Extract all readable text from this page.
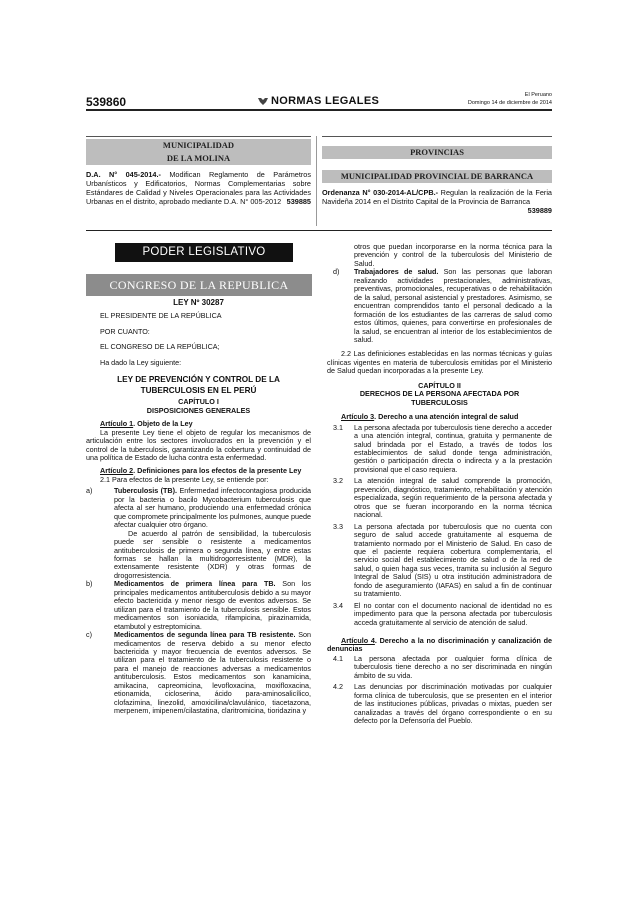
539860	NORMAS LEGALES	El Peruano
Domingo 14 de diciembre de 2014
MUNICIPALIDAD
DE LA MOLINA
D.A. N° 045-2014.- Modifican Reglamento de Parámetros Urbanísticos y Edificatorios, Normas Complementarias sobre Estándares de Calidad y Niveles Operacionales para las Actividades Urbanas en el distrito, aprobado mediante D.A. N° 005-2012 539885
PROVINCIAS
MUNICIPALIDAD PROVINCIAL DE BARRANCA
Ordenanza N° 030-2014-AL/CPB.- Regulan la realización de la Feria Navideña 2014 en el Distrito Capital de la Provincia de Barranca
539889
PODER LEGISLATIVO
CONGRESO DE LA REPUBLICA

LEY Nº 30287

EL PRESIDENTE DE LA REPÚBLICA

POR CUANTO:

EL CONGRESO DE LA REPÚBLICA;

Ha dado la Ley siguiente:

LEY DE PREVENCIÓN Y CONTROL DE LA TUBERCULOSIS EN EL PERÚ

CAPÍTULO I

DISPOSICIONES GENERALES

Artículo 1. Objeto de la Ley

La presente Ley tiene el objeto de regular los mecanismos de articulación entre los sectores involucrados en la prevención y el control de la tuberculosis, garantizando la cobertura y continuidad de una política de Estado de lucha contra esta enfermedad.

Artículo 2. Definiciones para los efectos de la presente Ley

2.1 Para efectos de la presente Ley, se entiende por:

a)	Tuberculosis (TB). Enfermedad infectocontagiosa producida por la bacteria o bacilo Mycobacterium tuberculosis que afecta al ser humano, produciendo una enfermedad crónica que compromete principalmente los pulmones, aunque puede afectar cualquier otro órgano.

De acuerdo al patrón de sensibilidad, la tuberculosis puede ser sensible o resistente a medicamentos antituberculosis de primera o segunda línea, y entre estas formas se hallan la multidrogorresistente (MDR), la extensamente resistente (XDR) y otras formas de drogorresistencia.

b)	Medicamentos de primera línea para TB. Son los principales medicamentos antituberculosis debido a su mayor efecto bactericida y menor riesgo de eventos adversos. Se utilizan para el tratamiento de la tuberculosis sensible. Estos medicamentos son isoniacida, rifampicina, pirazinamida, etambutol y estreptomicina.

c)	Medicamentos de segunda línea para TB resistente. Son medicamentos de reserva debido a su menor efecto bactericida y mayor frecuencia de eventos adversos. Se utilizan para el tratamiento de la tuberculosis resistente o para el manejo de reacciones adversas a medicamentos antituberculosis. Estos medicamentos son kanamicina, amikacina, capreomicina, levofloxacina, moxifloxacina, etionamida, cicloserina, ácido para-aminosalicílico, clofazimina, linezolid, amoxicilina/clavulánico, tiacetazona, merpenem, imipenem/cilastatina, claritromicina, tioridazina y

otros que puedan incorporarse en la norma técnica para la prevención y control de la tuberculosis del Ministerio de Salud.

d) Trabajadores de salud. Son las personas que laboran realizando actividades prestacionales, administrativas, preventivas, promocionales, recuperativas o de rehabilitación de la salud, personal asistencial y prestadores. Asimismo, se encuentran comprendidos tanto el personal dedicado a la formación de los estudiantes de las carreras de salud como estos últimos, quienes, para convertirse en profesionales de la salud, se encuentran al interior de los establecimientos de salud.

2.2 Las definiciones establecidas en las normas técnicas y guías clínicas vigentes en materia de tuberculosis emitidas por el Ministerio de Salud quedan incorporadas a la presente Ley.

CAPÍTULO II

DERECHOS DE LA PERSONA AFECTADA POR TUBERCULOSIS

Artículo 3. Derecho a una atención integral de salud

3.1 La persona afectada por tuberculosis tiene derecho a acceder a una atención integral, continua, gratuita y permanente de salud brindada por el Estado, a través de todos los establecimientos de salud donde tenga administración, gestión o participación directa o indirecta y a la prestación provisional que el caso requiera.

3.2 La atención integral de salud comprende la promoción, prevención, diagnóstico, tratamiento, rehabilitación y atención especializada, según requerimiento de la persona afectada y otros que se fueran incorporando en la norma técnica nacional.

3.3 La persona afectada por tuberculosis que no cuenta con seguro de salud accede gratuitamente al esquema de tratamiento normado por el Ministerio de Salud. En caso de que el paciente requiera cobertura complementaria, el servicio social del establecimiento de salud o de la red de salud, o quien haga sus veces, tramita su inclusión al Seguro Integral de Salud (SIS) u otra institución administradora de fondo de aseguramiento (IAFAS) en salud a fin de continuar su tratamiento.

3.4 El no contar con el documento nacional de identidad no es impedimento para que la persona afectada por tuberculosis acceda gratuitamente al servicio de atención de salud.

Artículo 4. Derecho a la no discriminación y canalización de denuncias

4.1 La persona afectada por cualquier forma clínica de tuberculosis tiene derecho a no ser discriminada en ningún ámbito de su vida.

4.2 Las denuncias por discriminación motivadas por cualquier forma clínica de tuberculosis, que se presenten en el interior de las instituciones públicas, privadas o mixtas, pueden ser canalizadas a través del órgano correspondiente o en su defecto por la Defensoría del Pueblo.
